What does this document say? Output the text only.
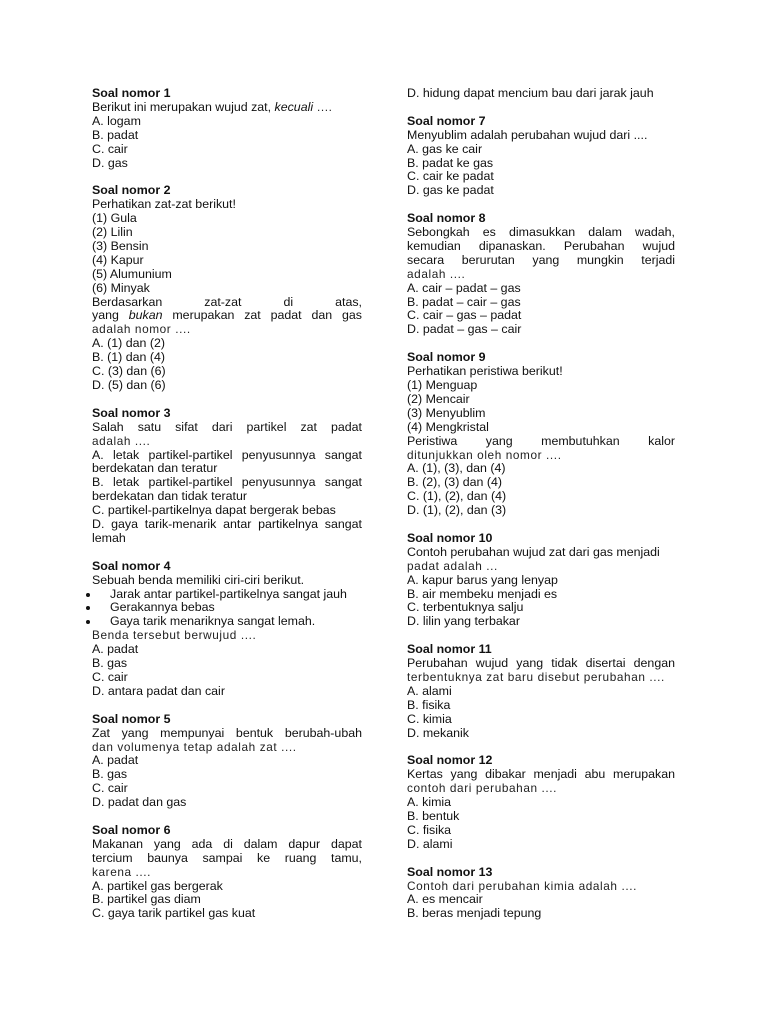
Soal nomor 1
Berikut ini merupakan wujud zat, kecuali ....
A. logam
B. padat
C. cair
D. gas
Soal nomor 2
Perhatikan zat-zat berikut!
(1) Gula
(2) Lilin
(3) Bensin
(4) Kapur
(5) Alumunium
(6) Minyak
Berdasarkan zat-zat di atas,
yang bukan merupakan zat padat dan gas
adalah nomor ....
A. (1) dan (2)
B. (1) dan (4)
C. (3) dan (6)
D. (5) dan (6)
Soal nomor 3
Salah satu sifat dari partikel zat padat
adalah ....
A. letak partikel-partikel penyusunnya sangat
berdekatan dan teratur
B. letak partikel-partikel penyusunnya sangat
berdekatan dan tidak teratur
C. partikel-partikelnya dapat bergerak bebas
D. gaya tarik-menarik antar partikelnya sangat
lemah
Soal nomor 4
Sebuah benda memiliki ciri-ciri berikut.
Jarak antar partikel-partikelnya sangat jauh
Gerakannya bebas
Gaya tarik menariknya sangat lemah.
Benda tersebut berwujud ....
A. padat
B. gas
C. cair
D. antara padat dan cair
Soal nomor 5
Zat yang mempunyai bentuk berubah-ubah
dan volumenya tetap adalah zat ....
A. padat
B. gas
C. cair
D. padat dan gas
Soal nomor 6
Makanan yang ada di dalam dapur dapat
tercium baunya sampai ke ruang tamu,
karena ....
A. partikel gas bergerak
B. partikel gas diam
C. gaya tarik partikel gas kuat
D. hidung dapat mencium bau dari jarak jauh
Soal nomor 7
Menyublim adalah perubahan wujud dari ....
A. gas ke cair
B. padat ke gas
C. cair ke padat
D. gas ke padat
Soal nomor 8
Sebongkah es dimasukkan dalam wadah,
kemudian dipanaskan. Perubahan wujud
secara berurutan yang mungkin terjadi
adalah ....
A. cair – padat – gas
B. padat – cair – gas
C. cair – gas – padat
D. padat – gas – cair
Soal nomor 9
Perhatikan peristiwa berikut!
(1) Menguap
(2) Mencair
(3) Menyublim
(4) Mengkristal
Peristiwa yang membutuhkan kalor
ditunjukkan oleh nomor ....
A. (1), (3), dan (4)
B. (2), (3) dan (4)
C. (1), (2), dan (4)
D. (1), (2), dan (3)
Soal nomor 10
Contoh perubahan wujud zat dari gas menjadi
padat adalah ...
A. kapur barus yang lenyap
B. air membeku menjadi es
C. terbentuknya salju
D. lilin yang terbakar
Soal nomor 11
Perubahan wujud yang tidak disertai dengan
terbentuknya zat baru disebut perubahan ....
A. alami
B. fisika
C. kimia
D. mekanik
Soal nomor 12
Kertas yang dibakar menjadi abu merupakan
contoh dari perubahan ....
A. kimia
B. bentuk
C. fisika
D. alami
Soal nomor 13
Contoh dari perubahan kimia adalah ....
A. es mencair
B. beras menjadi tepung
